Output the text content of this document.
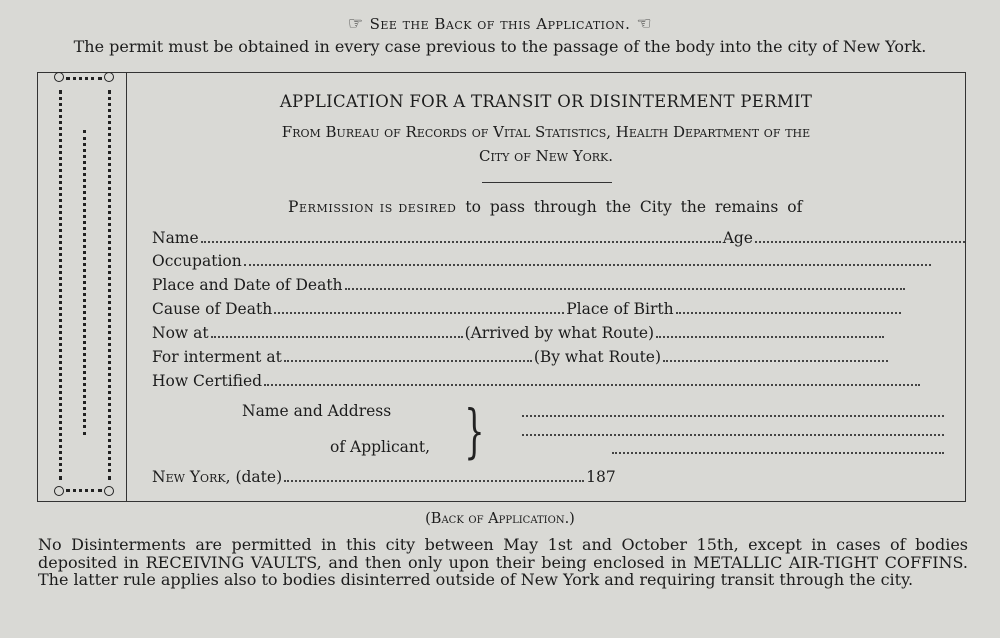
☞ See the Back of this Application. ☜
The permit must be obtained in every case previous to the passage of the body into the city of New York.
APPLICATION FOR A TRANSIT OR DISINTERMENT PERMIT
From Bureau of Records of Vital Statistics, Health Department of the
City of New York.
Permission is desired to pass through the City the remains of
Name	Age
Occupation
Place and Date of Death
Cause of Death	Place of Birth
Now at	(Arrived by what Route)
For interment at	(By what Route)
How Certified
Name and Address
of Applicant, }
New York, (date)	187
(Back of Application.)
No Disinterments are permitted in this city between May 1st and October 15th, except in cases of bodies deposited in RECEIVING VAULTS, and then only upon their being enclosed in METALLIC AIR-TIGHT COFFINS. The latter rule applies also to bodies disinterred outside of New York and requiring transit through the city.
